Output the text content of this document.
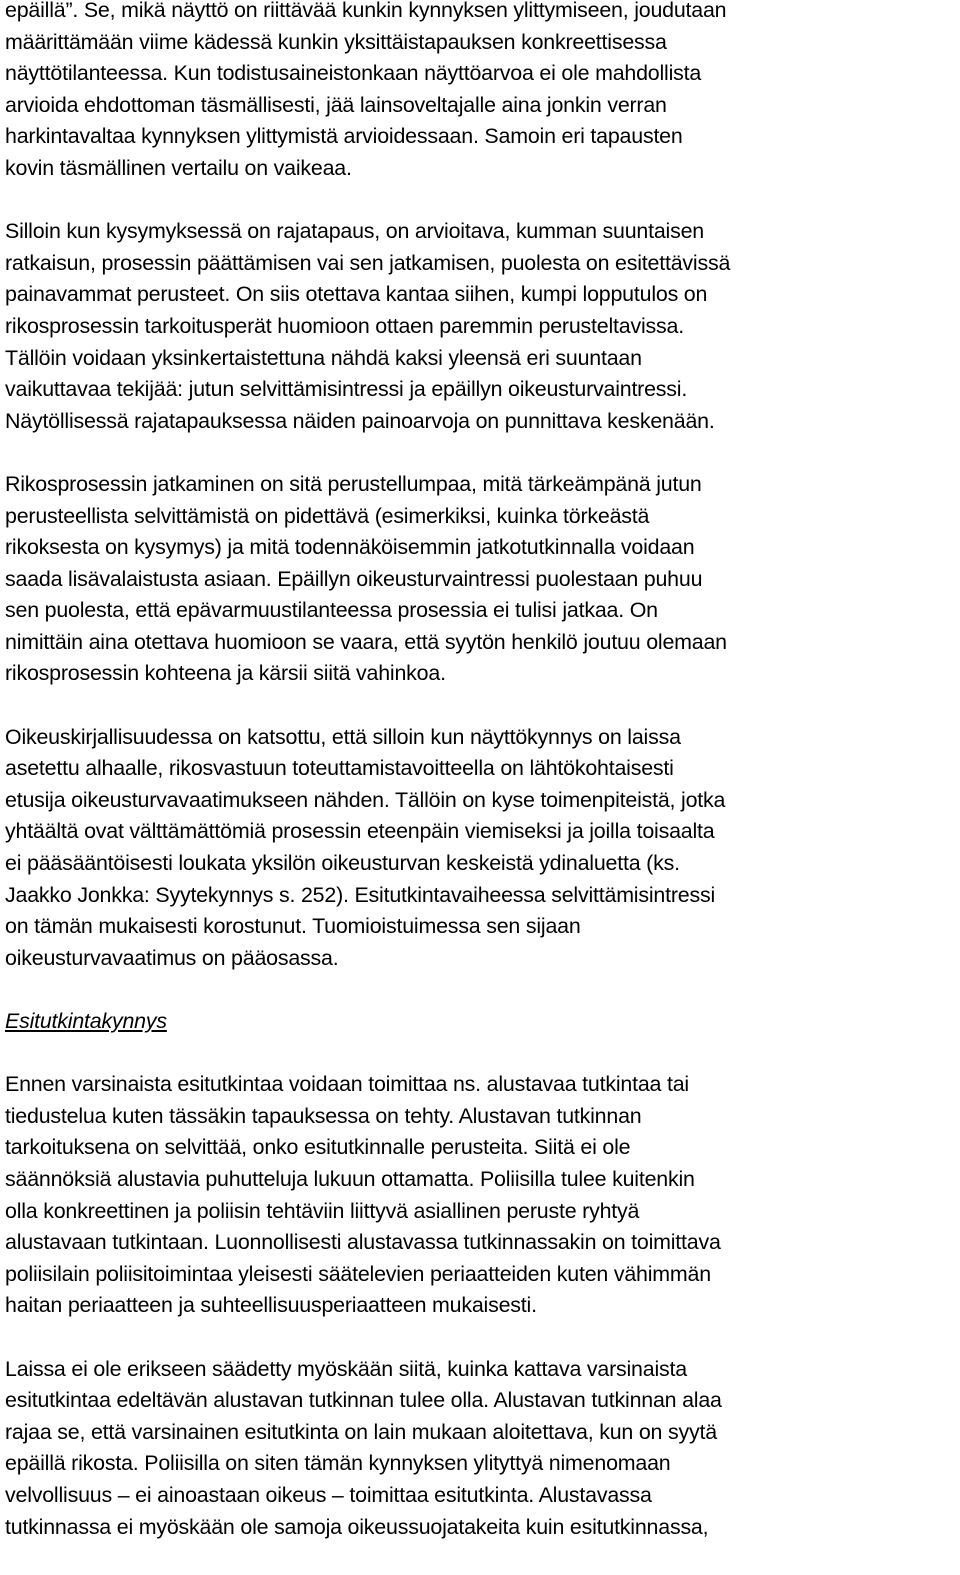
epäillä”. Se, mikä näyttö on riittävää kunkin kynnyksen ylittymiseen, joudutaan
määrittämään viime kädessä kunkin yksittäistapauksen konkreettisessa
näyttötilanteessa. Kun todistusaineistonkaan näyttöarvoa ei ole mahdollista
arvioida ehdottoman täsmällisesti, jää lainsoveltajalle aina jonkin verran
harkintavaltaa kynnyksen ylittymistä arvioidessaan. Samoin eri tapausten
kovin täsmällinen vertailu on vaikeaa.
Silloin kun kysymyksessä on rajatapaus, on arvioitava, kumman suuntaisen
ratkaisun, prosessin päättämisen vai sen jatkamisen, puolesta on esitettävissä
painavammat perusteet. On siis otettava kantaa siihen, kumpi lopputulos on
rikosprosessin tarkoitusperät huomioon ottaen paremmin perusteltavissa.
Tällöin voidaan yksinkertaistettuna nähdä kaksi yleensä eri suuntaan
vaikuttavaa tekijää: jutun selvittämisintressi ja epäillyn oikeusturvaintressi.
Näytöllisessä rajatapauksessa näiden painoarvoja on punnittava keskenään.
Rikosprosessin jatkaminen on sitä perustellumpaa, mitä tärkeämpänä jutun
perusteellista selvittämistä on pidettävä (esimerkiksi, kuinka törkeästä
rikoksesta on kysymys) ja mitä todennäköisemmin jatkotutkinnalla voidaan
saada lisävalaistusta asiaan. Epäillyn oikeusturvaintressi puolestaan puhuu
sen puolesta, että epävarmuustilanteessa prosessia ei tulisi jatkaa. On
nimittäin aina otettava huomioon se vaara, että syytön henkilö joutuu olemaan
rikosprosessin kohteena ja kärsii siitä vahinkoa.
Oikeuskirjallisuudessa on katsottu, että silloin kun näyttökynnys on laissa
asetettu alhaalle, rikosvastuun toteuttamistavoitteella on lähtökohtaisesti
etusija oikeusturvavaatimukseen nähden. Tällöin on kyse toimenpiteistä, jotka
yhtäältä ovat välttämättömiä prosessin eteenpäin viemiseksi ja joilla toisaalta
ei pääsääntöisesti loukata yksilön oikeusturvan keskeistä ydinaluetta (ks.
Jaakko Jonkka: Syytekynnys s. 252). Esitutkintavaiheessa selvittämisintressi
on tämän mukaisesti korostunut. Tuomioistuimessa sen sijaan
oikeusturvavaatimus on pääosassa.
Esitutkintakynnys
Ennen varsinaista esitutkintaa voidaan toimittaa ns. alustavaa tutkintaa tai
tiedustelua kuten tässäkin tapauksessa on tehty. Alustavan tutkinnan
tarkoituksena on selvittää, onko esitutkinnalle perusteita. Siitä ei ole
säännöksiä alustavia puhutteluja lukuun ottamatta. Poliisilla tulee kuitenkin
olla konkreettinen ja poliisin tehtäviin liittyvä asiallinen peruste ryhtyä
alustavaan tutkintaan. Luonnollisesti alustavassa tutkinnassakin on toimittava
poliisilain poliisitoimintaa yleisesti säätelevien periaatteiden kuten vähimmän
haitan periaatteen ja suhteellisuusperiaatteen mukaisesti.
Laissa ei ole erikseen säädetty myöskään siitä, kuinka kattava varsinaista
esitutkintaa edeltävän alustavan tutkinnan tulee olla. Alustavan tutkinnan alaa
rajaa se, että varsinainen esitutkinta on lain mukaan aloitettava, kun on syytä
epäillä rikosta. Poliisilla on siten tämän kynnyksen ylityttyä nimenomaan
velvollisuus – ei ainoastaan oikeus – toimittaa esitutkinta. Alustavassa
tutkinnassa ei myöskään ole samoja oikeussuojatakeita kuin esitutkinnassa,
